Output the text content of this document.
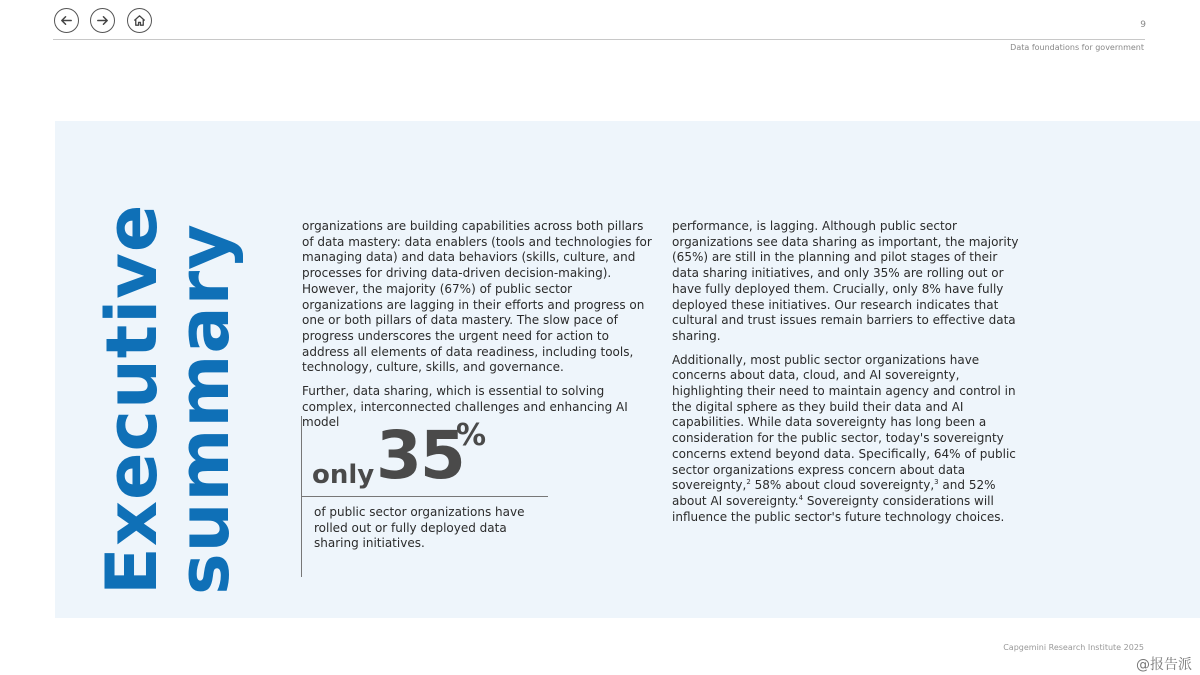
9
Data foundations for government
Executive
summary	organizations are building capabilities across both pillars of data mastery: data enablers (tools and technologies for managing data) and data behaviors (skills, culture, and processes for driving data-driven decision-making). However, the majority (67%) of public sector organizations are lagging in their efforts and progress on one or both pillars of data mastery. The slow pace of progress underscores the urgent need for action to address all elements of data readiness, including tools, technology, culture, skills, and governance.

Further, data sharing, which is essential to solving complex, interconnected challenges and enhancing AI model

only 35
%
of public sector organizations have rolled out or fully deployed data sharing initiatives.

performance, is lagging. Although public sector organizations see data sharing as important, the majority (65%) are still in the planning and pilot stages of their data sharing initiatives, and only 35% are rolling out or have fully deployed them. Crucially, only 8% have fully deployed these initiatives. Our research indicates that cultural and trust issues remain barriers to effective data sharing.

Additionally, most public sector organizations have concerns about data, cloud, and AI sovereignty, highlighting their need to maintain agency and control in the digital sphere as they build their data and AI capabilities. While data sovereignty has long been a consideration for the public sector, today's sovereignty concerns extend beyond data. Specifically, 64% of public sector organizations express concern about data sovereignty,$^2$ 58% about cloud sovereignty,$^3$ and 52% about AI sovereignty.$^4$ Sovereignty considerations will influence the public sector's future technology choices.

Capgemini Research Institute 2025
@报告派
